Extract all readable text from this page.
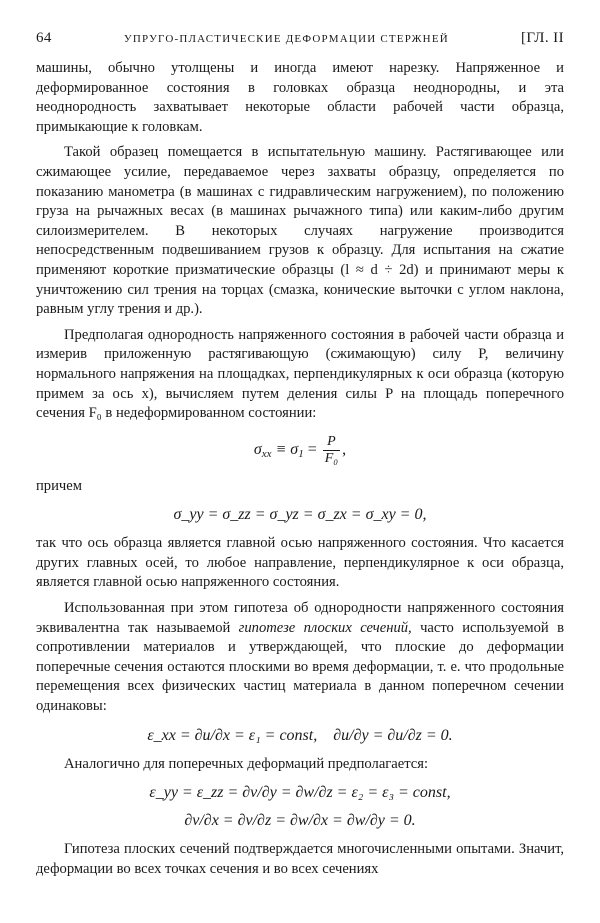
64	УПРУГО-ПЛАСТИЧЕСКИЕ ДЕФОРМАЦИИ СТЕРЖНЕЙ	[ГЛ. II

машины, обычно утолщены и иногда имеют нарезку. Напряженное и деформированное состояния в головках образца неоднородны, и эта неоднородность захватывает некоторые области рабочей части образца, примыкающие к головкам.

Такой образец помещается в испытательную машину. Растягивающее или сжимающее усилие, передаваемое через захваты образцу, определяется по показанию манометра (в машинах с гидравлическим нагружением), по положению груза на рычажных весах (в машинах рычажного типа) или каким-либо другим силоизмерителем. В некоторых случаях нагружение производится непосредственным подвешиванием грузов к образцу. Для испытания на сжатие применяют короткие призматические образцы (l ≈ d ÷ 2d) и принимают меры к уничтожению сил трения на торцах (смазка, конические выточки с углом наклона, равным углу трения и др.).

Предполагая однородность напряженного состояния в рабочей части образца и измерив приложенную растягивающую (сжимающую) силу P, величину нормального напряжения на площадках, перпендикулярных к оси образца (которую примем за ось x), вычисляем путем деления силы P на площадь поперечного сечения F₀ в недеформированном состоянии:

$\sigma_{xx} \equiv \sigma_1 = \frac{P}{\text{F₀}}$ ,

причем

σ_yy = σ_zz = σ_yz = σ_zx = σ_xy = 0,

так что ось образца является главной осью напряженного состояния. Что касается других главных осей, то любое направление, перпендикулярное к оси образца, является главной осью напряженного состояния.

Использованная при этом гипотеза об однородности напряженного состояния эквивалентна так называемой гипотезе плоских сечений, часто используемой в сопротивлении материалов и утверждающей, что плоские до деформации поперечные сечения остаются плоскими во время деформации, т. е. что продольные перемещения всех физических частиц материала в данном поперечном сечении одинаковы:

ε_xx = ∂u/∂x = ε₁ = const, ∂u/∂y = ∂u/∂z = 0.

Аналогично для поперечных деформаций предполагается:

ε_yy = ε_zz = ∂v/∂y = ∂w/∂z = ε₂ = ε₃ = const,
∂v/∂x = ∂v/∂z = ∂w/∂x = ∂w/∂y = 0.

Гипотеза плоских сечений подтверждается многочисленными опытами. Значит, деформации во всех точках сечения и во всех сечениях
